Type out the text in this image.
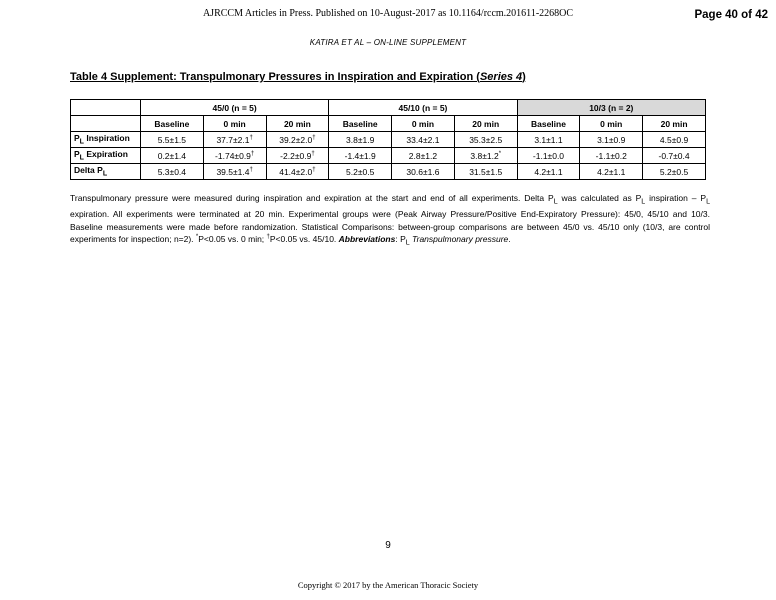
AJRCCM Articles in Press. Published on 10-August-2017 as 10.1164/rccm.201611-2268OC	Page 40 of 42
KATIRA ET AL – ON-LINE SUPPLEMENT
Table 4 Supplement: Transpulmonary Pressures in Inspiration and Expiration (Series 4)
	45/0 (n = 5)			45/10 (n = 5)			10/3 (n = 2)		
	Baseline	0 min	20 min	Baseline	0 min	20 min	Baseline	0 min	20 min
$P_L$ Inspiration	5.5±1.5	37.7±2.1†	39.2±2.0†	3.8±1.9	33.4±2.1	35.3±2.5	3.1±1.1	3.1±0.9	4.5±0.9
$P_L$ Expiration	0.2±1.4	-1.74±0.9†	-2.2±0.9†	-1.4±1.9	2.8±1.2	3.8±1.2*	-1.1±0.0	-1.1±0.2	-0.7±0.4
Delta $P_L$	5.3±0.4	39.5±1.4†	41.4±2.0†	5.2±0.5	30.6±1.6	31.5±1.5	4.2±1.1	4.2±1.1	5.2±0.5

Transpulmonary pressure were measured during inspiration and expiration at the start and end of all experiments. Delta $P_L$ was calculated as $P_L$ inspiration – $P_L$ expiration. All experiments were terminated at 20 min. Experimental groups were (Peak Airway Pressure/Positive End-Expiratory Pressure): 45/0, 45/10 and 10/3. Baseline measurements were made before randomization. Statistical Comparisons: between-group comparisons are between 45/0 vs. 45/10 only (10/3, are control experiments for inspection; n=2). *P<0.05 vs. 0 min; †P<0.05 vs. 45/10. Abbreviations: $P_L$ Transpulmonary pressure.

9
Copyright © 2017 by the American Thoracic Society
